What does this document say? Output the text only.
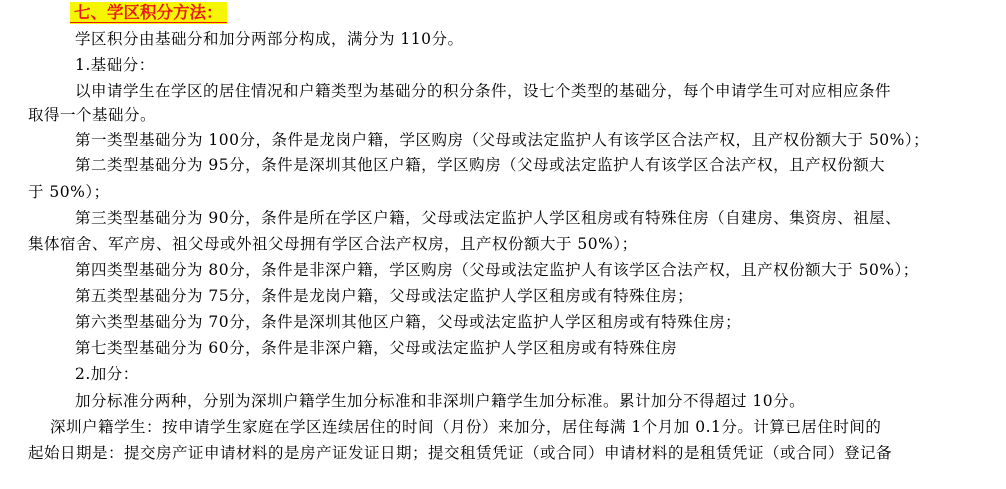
七、学区积分方法：
学区积分由基础分和加分两部分构成，满分为 110分。
1.基础分：
以申请学生在学区的居住情况和户籍类型为基础分的积分条件，设七个类型的基础分，每个申请学生可对应相应条件
取得一个基础分。
第一类型基础分为 100分，条件是龙岗户籍，学区购房（父母或法定监护人有该学区合法产权，且产权份额大于 50%）；
第二类型基础分为 95分，条件是深圳其他区户籍，学区购房（父母或法定监护人有该学区合法产权，且产权份额大
于 50%）；
第三类型基础分为 90分，条件是所在学区户籍，父母或法定监护人学区租房或有特殊住房（自建房、集资房、祖屋、
集体宿舍、军产房、祖父母或外祖父母拥有学区合法产权房，且产权份额大于 50%）；
第四类型基础分为 80分，条件是非深户籍，学区购房（父母或法定监护人有该学区合法产权，且产权份额大于 50%）；
第五类型基础分为 75分，条件是龙岗户籍，父母或法定监护人学区租房或有特殊住房；
第六类型基础分为 70分，条件是深圳其他区户籍，父母或法定监护人学区租房或有特殊住房；
第七类型基础分为 60分，条件是非深户籍，父母或法定监护人学区租房或有特殊住房
2.加分：
加分标准分两种，分别为深圳户籍学生加分标准和非深圳户籍学生加分标准。累计加分不得超过 10分。
深圳户籍学生：按申请学生家庭在学区连续居住的时间（月份）来加分，居住每满 1个月加 0.1分。计算已居住时间的
起始日期是：提交房产证申请材料的是房产证发证日期；提交租赁凭证（或合同）申请材料的是租赁凭证（或合同）登记备
